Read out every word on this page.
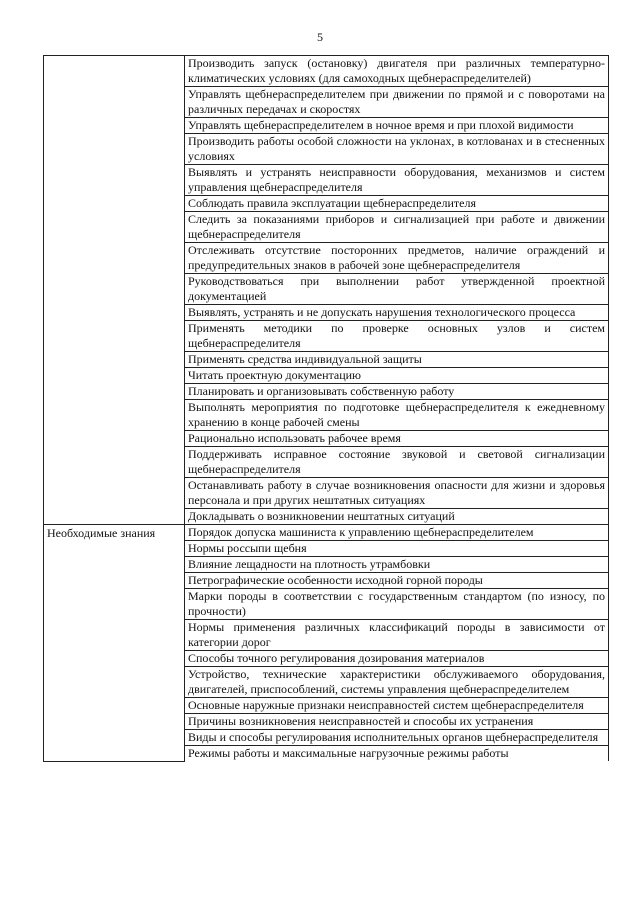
5
	Производить запуск (остановку) двигателя при различных температурно-климатических условиях (для самоходных щебнераспределителей)
	Управлять щебнераспределителем при движении по прямой и с поворотами на различных передачах и скоростях
	Управлять щебнераспределителем в ночное время и при плохой видимости
	Производить работы особой сложности на уклонах, в котлованах и в стесненных условиях
	Выявлять и устранять неисправности оборудования, механизмов и систем управления щебнераспределителя
	Соблюдать правила эксплуатации щебнераспределителя
	Следить за показаниями приборов и сигнализацией при работе и движении щебнераспределителя
	Отслеживать отсутствие посторонних предметов, наличие ограждений и предупредительных знаков в рабочей зоне щебнераспределителя
	Руководствоваться при выполнении работ утвержденной проектной документацией
	Выявлять, устранять и не допускать нарушения технологического процесса
	Применять методики по проверке основных узлов и систем щебнераспределителя
	Применять средства индивидуальной защиты
	Читать проектную документацию
	Планировать и организовывать собственную работу
	Выполнять мероприятия по подготовке щебнераспределителя к ежедневному хранению в конце рабочей смены
	Рационально использовать рабочее время
	Поддерживать исправное состояние звуковой и световой сигнализации щебнераспределителя
	Останавливать работу в случае возникновения опасности для жизни и здоровья персонала и при других нештатных ситуациях
	Докладывать о возникновении нештатных ситуаций
Необходимые знания	Порядок допуска машиниста к управлению щебнераспределителем
	Нормы россыпи щебня
	Влияние лещадности на плотность утрамбовки
	Петрографические особенности исходной горной породы
	Марки породы в соответствии с государственным стандартом (по износу, по прочности)
	Нормы применения различных классификаций породы в зависимости от категории дорог
	Способы точного регулирования дозирования материалов
	Устройство, технические характеристики обслуживаемого оборудования, двигателей, приспособлений, системы управления щебнераспределителем
	Основные наружные признаки неисправностей систем щебнераспределителя
	Причины возникновения неисправностей и способы их устранения
	Виды и способы регулирования исполнительных органов щебнераспределителя
	Режимы работы и максимальные нагрузочные режимы работы
